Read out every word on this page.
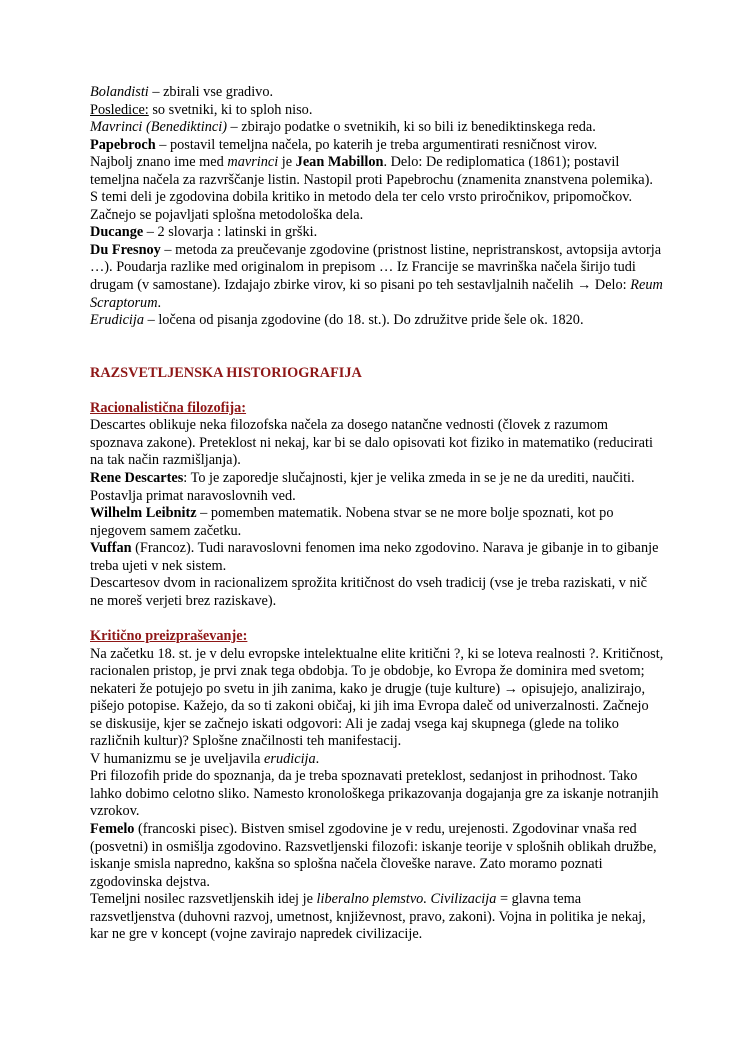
Bolandisti – zbirali vse gradivo.

Posledice: so svetniki, ki to sploh niso.

Mavrinci (Benediktinci) – zbirajo podatke o svetnikih, ki so bili iz benediktinskega reda.

Papebroch – postavil temeljna načela, po katerih je treba argumentirati resničnost virov.

Najbolj znano ime med mavrinci je Jean Mabillon. Delo: De rediplomatica (1861); postavil temeljna načela za razvrščanje listin. Nastopil proti Papebrochu (znamenita znanstvena polemika). S temi deli je zgodovina dobila kritiko in metodo dela ter celo vrsto priročnikov, pripomočkov. Začnejo se pojavljati splošna metodološka dela.

Ducange – 2 slovarja : latinski in grški.

Du Fresnoy – metoda za preučevanje zgodovine (pristnost listine, nepristranskost, avtopsija avtorja …). Poudarja razlike med originalom in prepisom … Iz Francije se mavrinška načela širijo tudi drugam (v samostane). Izdajajo zbirke virov, ki so pisani po teh sestavljalnih načelih → Delo: Reum Scraptorum.

Erudicija – ločena od pisanja zgodovine (do 18. st.). Do združitve pride šele ok. 1820.

RAZSVETLJENSKA HISTORIOGRAFIJA

Racionalistična filozofija:

Descartes oblikuje neka filozofska načela za dosego natančne vednosti (človek z razumom spoznava zakone). Preteklost ni nekaj, kar bi se dalo opisovati kot fiziko in matematiko (reducirati na tak način razmišljanja).

Rene Descartes: To je zaporedje slučajnosti, kjer je velika zmeda in se je ne da urediti, naučiti. Postavlja primat naravoslovnih ved.

Wilhelm Leibnitz – pomemben matematik. Nobena stvar se ne more bolje spoznati, kot po njegovem samem začetku.

Vuffan (Francoz). Tudi naravoslovni fenomen ima neko zgodovino. Narava je gibanje in to gibanje treba ujeti v nek sistem.

Descartesov dvom in racionalizem sprožita kritičnost do vseh tradicij (vse je treba raziskati, v nič ne moreš verjeti brez raziskave).

Kritično preizpraševanje:

Na začetku 18. st. je v delu evropske intelektualne elite kritični ?, ki se loteva realnosti ?. Kritičnost, racionalen pristop, je prvi znak tega obdobja. To je obdobje, ko Evropa že dominira med svetom; nekateri že potujejo po svetu in jih zanima, kako je drugje (tuje kulture) → opisujejo, analizirajo, pišejo potopise. Kažejo, da so ti zakoni običaj, ki jih ima Evropa daleč od univerzalnosti. Začnejo se diskusije, kjer se začnejo iskati odgovori: Ali je zadaj vsega kaj skupnega (glede na toliko različnih kultur)? Splošne značilnosti teh manifestacij.

V humanizmu se je uveljavila erudicija.

Pri filozofih pride do spoznanja, da je treba spoznavati preteklost, sedanjost in prihodnost. Tako lahko dobimo celotno sliko. Namesto kronološkega prikazovanja dogajanja gre za iskanje notranjih vzrokov.

Femelo (francoski pisec). Bistven smisel zgodovine je v redu, urejenosti. Zgodovinar vnaša red (posvetni) in osmišlja zgodovino. Razsvetljenski filozofi: iskanje teorije v splošnih oblikah družbe, iskanje smisla napredno, kakšna so splošna načela človeške narave. Zato moramo poznati zgodovinska dejstva.

Temeljni nosilec razsvetljenskih idej je liberalno plemstvo. Civilizacija = glavna tema razsvetljenstva (duhovni razvoj, umetnost, književnost, pravo, zakoni). Vojna in politika je nekaj, kar ne gre v koncept (vojne zavirajo napredek civilizacije.
